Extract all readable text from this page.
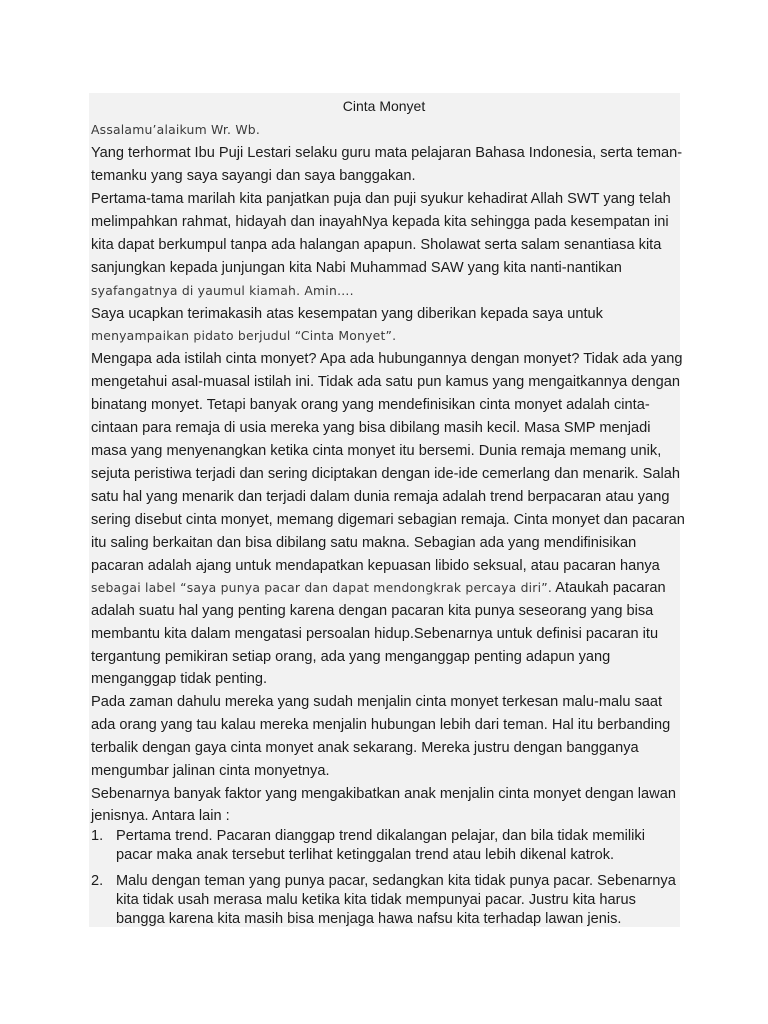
Cinta Monyet
Assalamu’alaikum Wr. Wb.
Yang terhormat Ibu Puji Lestari selaku guru mata pelajaran Bahasa Indonesia, serta teman-
temanku yang saya sayangi dan saya banggakan.
Pertama-tama marilah kita panjatkan puja dan puji syukur kehadirat Allah SWT yang telah
melimpahkan rahmat, hidayah dan inayahNya kepada kita sehingga pada kesempatan ini
kita dapat berkumpul tanpa ada halangan apapun. Sholawat serta salam senantiasa kita
sanjungkan kepada junjungan kita Nabi Muhammad SAW yang kita nanti-nantikan
syafangatnya di yaumul kiamah. Amin….
Saya ucapkan terimakasih atas kesempatan yang diberikan kepada saya untuk
menyampaikan pidato berjudul “Cinta Monyet”.
Mengapa ada istilah cinta monyet? Apa ada hubungannya dengan monyet? Tidak ada yang
mengetahui asal-muasal istilah ini. Tidak ada satu pun kamus yang mengaitkannya dengan
binatang monyet. Tetapi banyak orang yang mendefinisikan cinta monyet adalah cinta-
cintaan para remaja di usia mereka yang bisa dibilang masih kecil. Masa SMP menjadi
masa yang menyenangkan ketika cinta monyet itu bersemi. Dunia remaja memang unik,
sejuta peristiwa terjadi dan sering diciptakan dengan ide-ide cemerlang dan menarik. Salah
satu hal yang menarik dan terjadi dalam dunia remaja adalah trend berpacaran atau yang
sering disebut cinta monyet, memang digemari sebagian remaja. Cinta monyet dan pacaran
itu saling berkaitan dan bisa dibilang satu makna. Sebagian ada yang mendifinisikan
pacaran adalah ajang untuk mendapatkan kepuasan libido seksual, atau pacaran hanya
sebagai label “saya punya pacar dan dapat mendongkrak percaya diri”. Ataukah pacaran
adalah suatu hal yang penting karena dengan pacaran kita punya seseorang yang bisa
membantu kita dalam mengatasi persoalan hidup.Sebenarnya untuk definisi pacaran itu
tergantung pemikiran setiap orang, ada yang menganggap penting adapun yang
menganggap tidak penting.
Pada zaman dahulu mereka yang sudah menjalin cinta monyet terkesan malu-malu saat
ada orang yang tau kalau mereka menjalin hubungan lebih dari teman. Hal itu berbanding
terbalik dengan gaya cinta monyet anak sekarang. Mereka justru dengan bangganya
mengumbar jalinan cinta monyetnya.
Sebenarnya banyak faktor yang mengakibatkan anak menjalin cinta monyet dengan lawan
jenisnya. Antara lain :
1. Pertama trend. Pacaran dianggap trend dikalangan pelajar, dan bila tidak memiliki
pacar maka anak tersebut terlihat ketinggalan trend atau lebih dikenal katrok.
2. Malu dengan teman yang punya pacar, sedangkan kita tidak punya pacar. Sebenarnya
kita tidak usah merasa malu ketika kita tidak mempunyai pacar. Justru kita harus
bangga karena kita masih bisa menjaga hawa nafsu kita terhadap lawan jenis.
